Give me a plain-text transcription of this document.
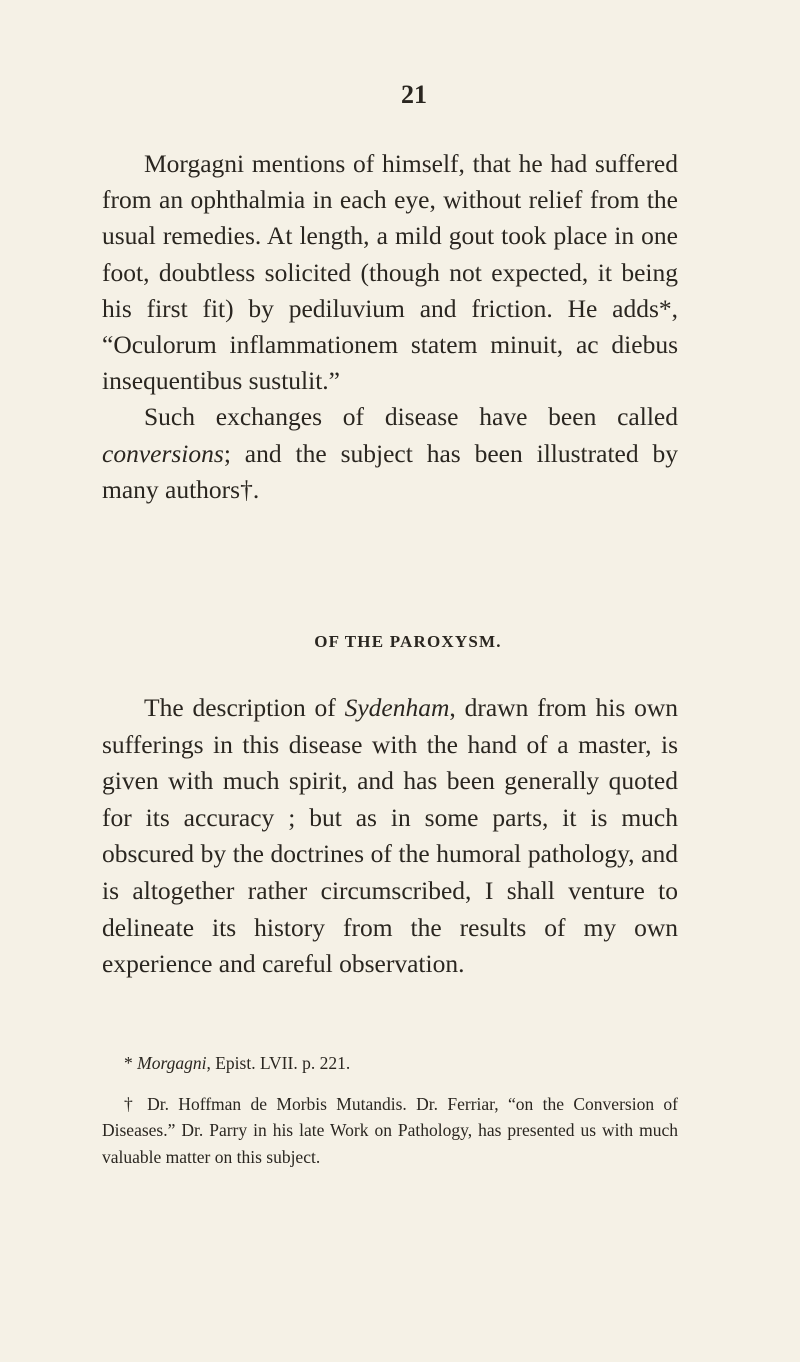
21

Morgagni mentions of himself, that he had suffered from an ophthalmia in each eye, without relief from the usual remedies. At length, a mild gout took place in one foot, doubtless solicited (though not expected, it being his first fit) by pediluvium and friction. He adds*, “Oculorum inflammationem statem minuit, ac diebus insequentibus sustulit.”

Such exchanges of disease have been called conversions; and the subject has been illustrated by many authors†.

OF THE PAROXYSM.

The description of Sydenham, drawn from his own sufferings in this disease with the hand of a master, is given with much spirit, and has been generally quoted for its accuracy ; but as in some parts, it is much obscured by the doctrines of the humoral pathology, and is altogether rather circumscribed, I shall venture to delineate its history from the results of my own experience and careful observation.

* Morgagni, Epist. LVII. p. 221.

† Dr. Hoffman de Morbis Mutandis. Dr. Ferriar, “on the Conversion of Diseases.” Dr. Parry in his late Work on Pathology, has presented us with much valuable matter on this subject.
